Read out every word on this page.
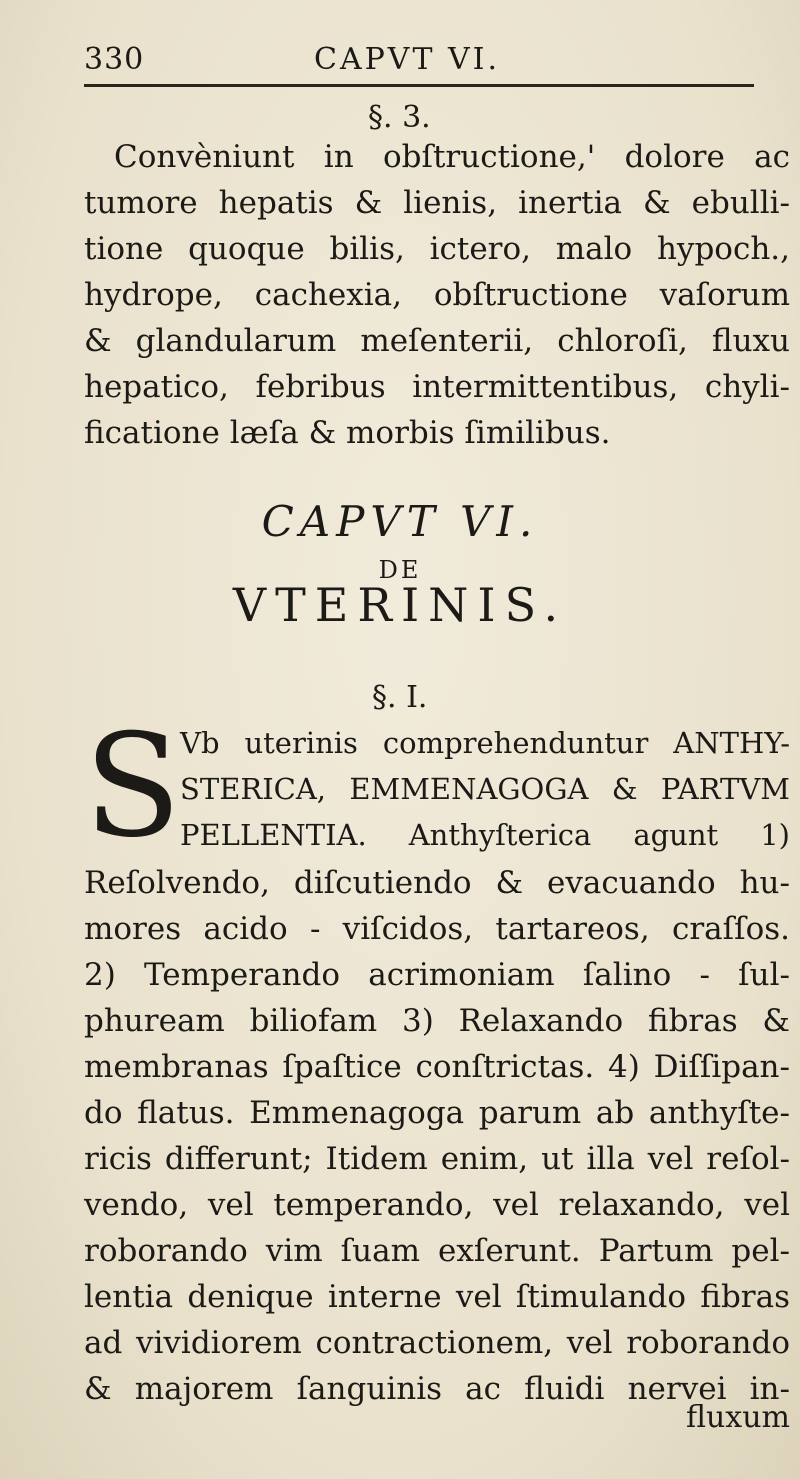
330	CAPVT VI.
§. 3.
Convèniunt in obſtructione,' dolore ac
tumore hepatis & lienis, inertia & ebulli-
tione quoque bilis, ictero, malo hypoch.,
hydrope, cachexia, obſtructione vaſorum
& glandularum meſenterii, chloroſi, fluxu
hepatico, febribus intermittentibus, chyli-
ficatione læſa & morbis ſimilibus.
CAPVT VI.
DE
VTERINIS.
§. I.
S
Vb uterinis comprehenduntur ANTHY-
STERICA, EMMENAGOGA & PARTVM
PELLENTIA. Anthyſterica agunt 1)
Reſolvendo, diſcutiendo & evacuando hu-
mores acido - viſcidos, tartareos, craſſos.
2) Temperando acrimoniam ſalino - ſul-
phuream biliofam 3) Relaxando fibras &
membranas ſpaſtice conſtrictas. 4) Diſſipan-
do flatus. Emmenagoga parum ab anthyſte-
ricis differunt; Itidem enim, ut illa vel reſol-
vendo, vel temperando, vel relaxando, vel
roborando vim ſuam exſerunt. Partum pel-
lentia denique interne vel ſtimulando fibras
ad vividiorem contractionem, vel roborando
& majorem ſanguinis ac fluidi nervei in-
fluxum
